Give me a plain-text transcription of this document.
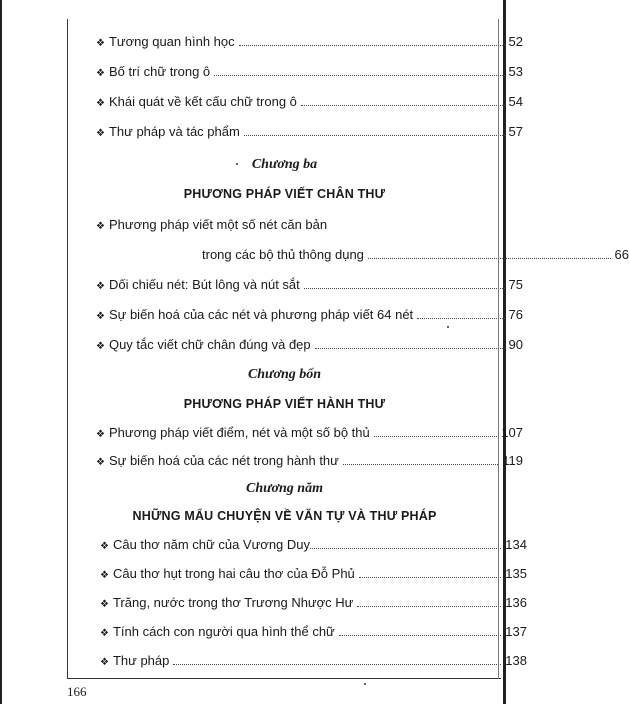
❖ Tương quan hình học	52
❖ Bố trí chữ trong ô	53
❖ Khái quát về kết cấu chữ trong ô	54
❖ Thư pháp và tác phẩm	57
Chương ba
PHƯƠNG PHÁP VIẾT CHÂN THƯ
❖ Phương pháp viết một số nét căn bản
trong các bộ thủ thông dụng	66
❖ Dối chiếu nét: Bút lông và nút sắt	75
❖ Sự biến hoá của các nét và phương pháp viết 64 nét	76
❖ Quy tắc viết chữ chân đúng và đẹp	90
Chương bốn
PHƯƠNG PHÁP VIẾT HÀNH THƯ
❖ Phương pháp viết điểm, nét và một số bộ thủ	107
❖ Sự biến hoá của các nét trong hành thư	119
Chương năm
NHỮNG MẨU CHUYỆN VỀ VĂN TỰ VÀ THƯ PHÁP
❖ Câu thơ năm chữ của Vương Duy	134
❖ Câu thơ hụt trong hai câu thơ của Đỗ Phủ	135
❖ Trăng, nước trong thơ Trương Nhược Hư	136
❖ Tính cách con người qua hình thể chữ	137
❖ Thư pháp	138
166
